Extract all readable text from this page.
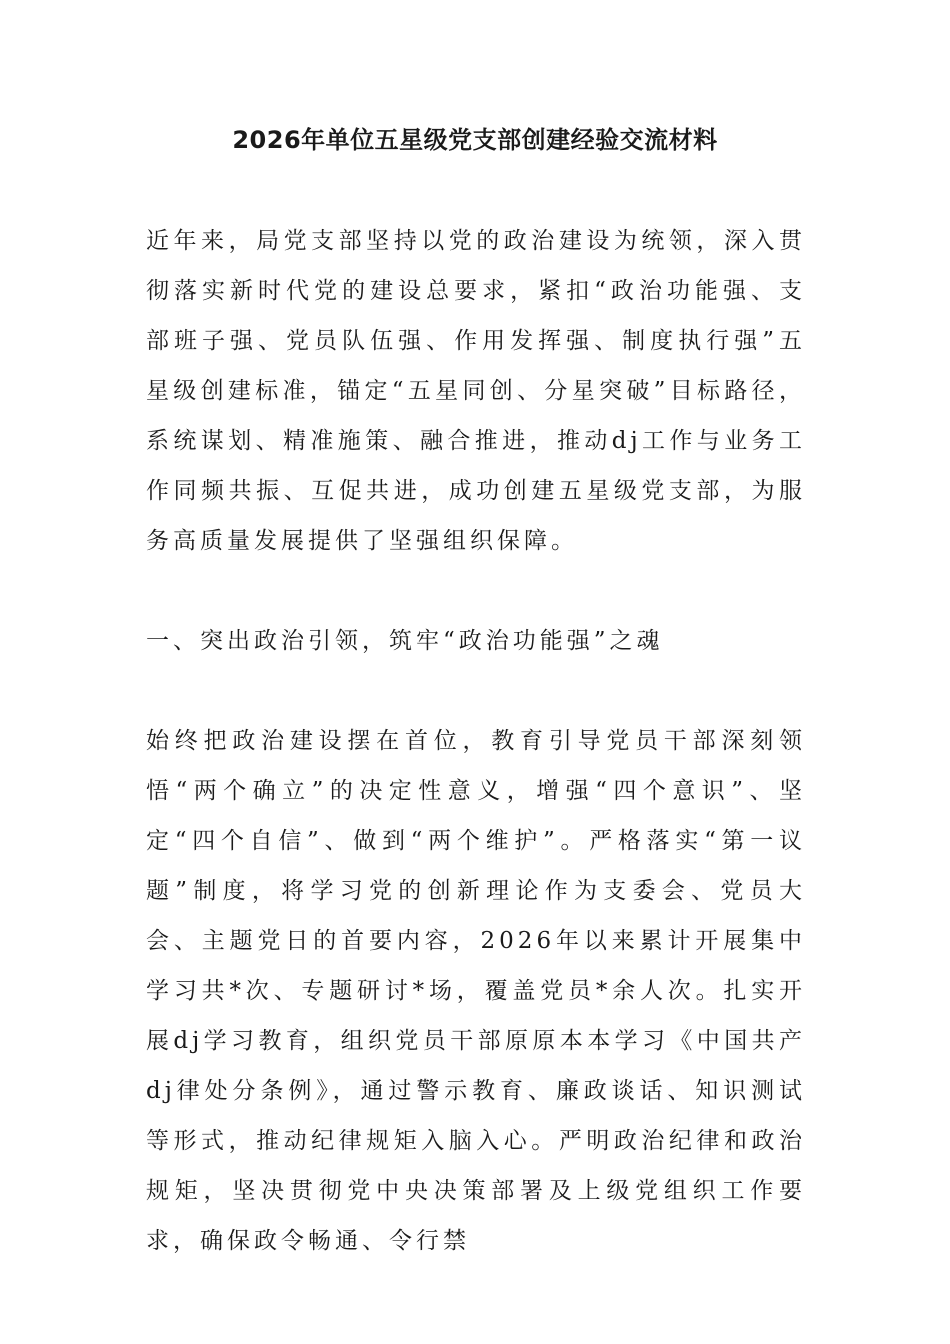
2026年单位五星级党支部创建经验交流材料

近年来，局党支部坚持以党的政治建设为统领，深入贯彻落实新时代党的建设总要求，紧扣“政治功能强、支部班子强、党员队伍强、作用发挥强、制度执行强”五星级创建标准，锚定“五星同创、分星突破”目标路径，系统谋划、精准施策、融合推进，推动dj工作与业务工作同频共振、互促共进，成功创建五星级党支部，为服务高质量发展提供了坚强组织保障。

一、突出政治引领，筑牢“政治功能强”之魂

始终把政治建设摆在首位，教育引导党员干部深刻领悟“两个确立”的决定性意义，增强“四个意识”、坚定“四个自信”、做到“两个维护”。严格落实“第一议题”制度，将学习党的创新理论作为支委会、党员大会、主题党日的首要内容，2026年以来累计开展集中学习共*次、专题研讨*场，覆盖党员*余人次。扎实开展dj学习教育，组织党员干部原原本本学习《中国共产dj律处分条例》，通过警示教育、廉政谈话、知识测试等形式，推动纪律规矩入脑入心。严明政治纪律和政治规矩，坚决贯彻党中央决策部署及上级党组织工作要求，确保政令畅通、令行禁
